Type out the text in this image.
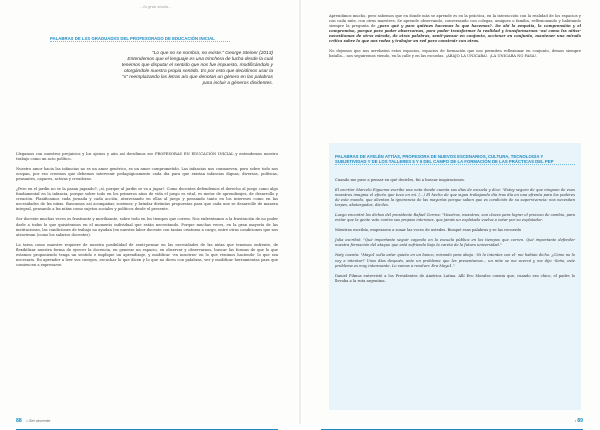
...la gran siesta...
PALABRAS DE LXS GRADUADXS DEL PROFESORADO DE EDUCACIÓN INICIAL

"Lo que no se nombra, no existe." George Steiner (2013)

Entendemos que el lenguaje es una trinchera de lucha desde la cual

tenemos que disputar el sentido que nos fue impuesto, modificándolo y

otorgándole nuestra propia sentido. Es por esto que decidimos usar la

"x" reemplazando las letras a/o que denotan un género en las palabras

para incluir a géneros disidentes.

Llegamos con nuestros prejuicios y los ajenos y aún así decidimos ser PROFESORAS EN EDUCACIÓN INICIAL y entendemos nuestro trabajo como un acto político.

Nuestro amor hacia las infancias no es un amor genérico, es un amor comprometido. Las infancias nos conmueven, pero sobre todo nos ocupan, por eso creemos que debemos intervenir pedagógicamente cada día para que existan infancias dignas, diversas, políticas, pensantes, capaces, activas y creadoras.

¿Pero en el jardín no se la pasan jugando?, ¡sí, porque al jardín se va a jugar!. Como docentes defendemos el derecho al juego como algo fundamental en la infancia, porque sobre todo en los primeros años de vida el juego es vital, es motor de aprendizajes, de desarrollo y creación. Planificamos cada jornada y cada acción, atravesando en ellas al juego y pensando tanto en los intereses como en las necesidades de lxs niñxs. Buscamos así acompañar, sostener, y brindar distintas propuestas para que cada une se desarrolle de manera integral, pensando a lxs niñxs como sujetos sociales y políticos desde el presente.

Ser docente muchas veces es frustrante y movilizante, sobre todo en los tiempos que corren. Nos enfrentamos a la frustración de no poder darle a todxs lo que quisiéramos en el momento individual que están necesitando. Porque muchas veces, en la gran mayoría de las instituciones, las condiciones de trabajo no ayudan (en nuestra labor docente con tantas criaturas a cargo, entre otras condiciones que nos atraviesan (como los salarios docentes).

La tarea como maestre requiere de nuestra posibilidad de senti-pensar en las necesidades de lxs niñxs que tenemos enfrente, de flexibilizar nuestra forma de ejercer la docencia, en generar un espacio, en observar y observarnos, buscar las formas de que lo que estamos proponiendo tenga un sentido e implique un aprendizaje, y modificar -en nosotrxs- en lo que venimos haciendo- lo que sea necesario. En aprender a leer sus cuerpos, escuchar lo que dicen y lo que no dicen con palabras, ver y modificar herramientas para que comiencen a expresarse.

88 • Ser docente

Aprendimos mucho, pero sabemos que en donde más se aprende es en la práctica, en la interacción con la realidad de los espacios y con cada niñe, con otrxs maestres. Se aprende observando, conversando con colegas, amigues o familia, reflexionando y habitando siempre la pregunta de ¿para qué y para quiénes hacemos lo que hacemos?. De ahí la empatía, la comprensión y el compromiso, porque para poder observarnos, para poder transformar la realidad y transformarnos -así como lxs niñxs- necesitamos de otrxs mirada, de otras palabras, senti-pensar en conjunto, accionar en conjunto, mantener una mirada crítica sobre lo que nos rodea y trabajar en red para construir con otros.

No dejemos que nos arrebaten estos espacios, espacios de formación que nos permiten reflexionar en conjunto, demos siempre batalla... nos seguiremos viendo, en la calle y en las escuelas. ¡ABAJO LA UNICABA!. ¡LA UNICABA NO PASA!.

PALABRAS DE AYELÉN ATTÍAS, PROFESORA DE NUEVOS ESCENARIOS, CULTURA, TECNOLOGÍA Y SUBJETIVIDAD Y DE LOS TALLERES 5 Y 6 DEL CAMPO DE LA FORMACIÓN DE LAS PRÁCTICAS DEL PEP

Cuando me puse a pensar en qué decirles, fui a buscar inspiraciones.

El escritor Marcelo Figueras escribe una nota donde cuenta sus días de escuela y dice: "Estoy seguro de que ninguno de esos maestros imagina el efecto que tuvo en mí. (...) El hecho de que sigan trabajando día tras día en una afrenta para los poderes de este mundo, que alientan la ignorancia de las mayorías porque saben que es condición de su supervivencia: nos necesitan torpes, abotargados, dóciles.

Luego encontré los dichos del presidente Rafael Correa: "Vosotros, maestros, son claves para lograr el proceso de cambio, para evitar que la gente vote contra sus propios intereses, que jamás un explotado vuelva a votar por su explotador.

Mientras escribía, empezaron a sonar las voces de ustedes. Busqué esas palabras y se las recuerdo

Julia escribió: "Qué importante seguir cayendo en la escuela pública en los tiempos que corren. Qué importante defender nuestra formación del ataque que está sufriendo bajo la careta de la futura universidad."

Naty cuenta: "Mayo1 solía estar quieto en un banco, mirando para abajo. -Ni lo intentes con el- me habían dicho. ¿Cómo no lo voy a intentar? Unos días después, ante un problema que les presentamos... un niñe se me acercó y me dijo -Seño, este problema es muy interesante. Lo vamos a resolver. Era Mayo1."

Daniel Filmus entrevistó a los Presidentes de América Latina. Allí Evo Morales cuenta que, cuando era chico, el padre lo llevaba a la ruta argentina.

• 89
